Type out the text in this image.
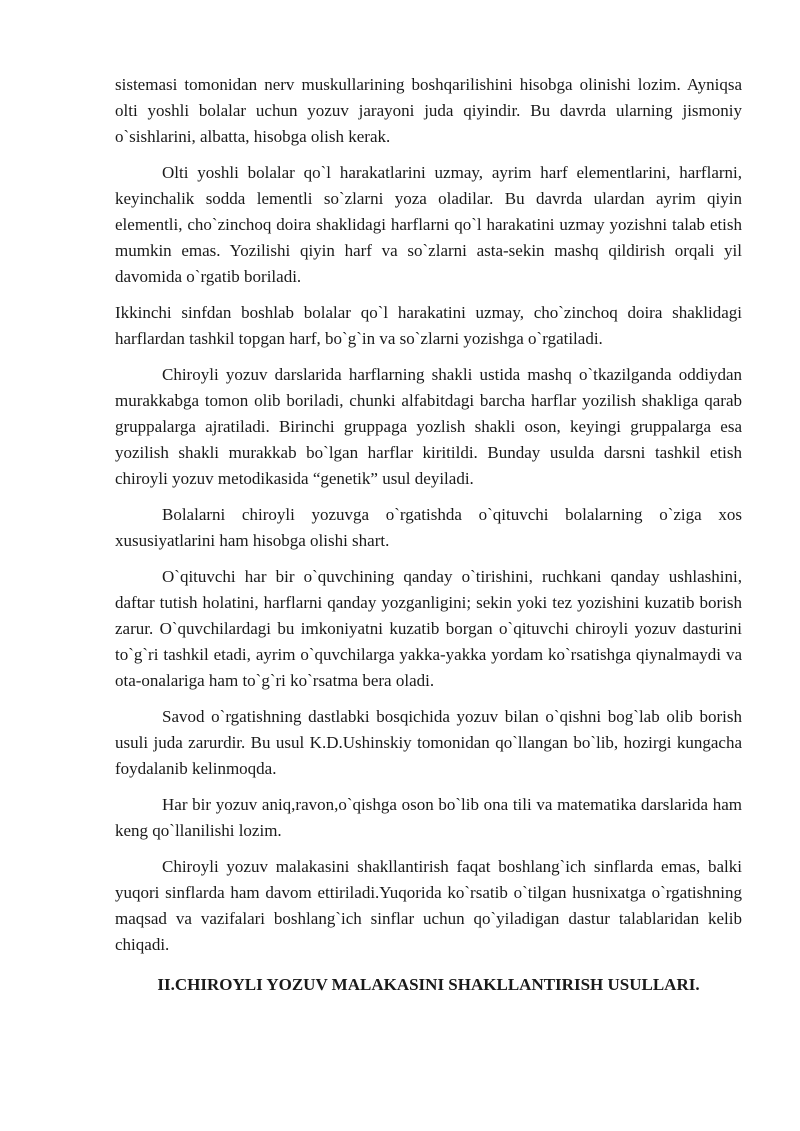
sistemasi tomonidan nerv muskullarining boshqarilishini hisobga olinishi lozim. Ayniqsa olti yoshli bolalar uchun yozuv jarayoni juda qiyindir. Bu davrda ularning jismoniy o`sishlarini, albatta, hisobga olish kerak.

Olti yoshli bolalar qo`l harakatlarini uzmay, ayrim harf elementlarini, harflarni, keyinchalik sodda lementli so`zlarni yoza oladilar. Bu davrda ulardan ayrim qiyin elementli, cho`zinchoq doira shaklidagi harflarni qo`l harakatini uzmay yozishni talab etish mumkin emas. Yozilishi qiyin harf va so`zlarni asta-sekin mashq qildirish orqali yil davomida o`rgatib boriladi.

Ikkinchi sinfdan boshlab bolalar qo`l harakatini uzmay, cho`zinchoq doira shaklidagi harflardan tashkil topgan harf, bo`g`in va so`zlarni yozishga o`rgatiladi.

Chiroyli yozuv darslarida harflarning shakli ustida mashq o`tkazilganda oddiydan murakkabga tomon olib boriladi, chunki alfabitdagi barcha harflar yozilish shakliga qarab gruppalarga ajratiladi. Birinchi gruppaga yozlish shakli oson, keyingi gruppalarga esa yozilish shakli murakkab bo`lgan harflar kiritildi. Bunday usulda darsni tashkil etish chiroyli yozuv metodikasida “genetik” usul deyiladi.

Bolalarni chiroyli yozuvga o`rgatishda o`qituvchi bolalarning o`ziga xos xususiyatlarini ham hisobga olishi shart.

O`qituvchi har bir o`quvchining qanday o`tirishini, ruchkani qanday ushlashini, daftar tutish holatini, harflarni qanday yozganligini; sekin yoki tez yozishini kuzatib borish zarur. O`quvchilardagi bu imkoniyatni kuzatib borgan o`qituvchi chiroyli yozuv dasturini to`g`ri tashkil etadi, ayrim o`quvchilarga yakka-yakka yordam ko`rsatishga qiynalmaydi va ota-onalariga ham to`g`ri ko`rsatma bera oladi.

Savod o`rgatishning dastlabki bosqichida yozuv bilan o`qishni bog`lab olib borish usuli juda zarurdir. Bu usul K.D.Ushinskiy tomonidan qo`llangan bo`lib, hozirgi kungacha foydalanib kelinmoqda.

Har bir yozuv aniq,ravon,o`qishga oson bo`lib ona tili va matematika darslarida ham keng qo`llanilishi lozim.

Chiroyli yozuv malakasini shakllantirish faqat boshlang`ich sinflarda emas, balki yuqori sinflarda ham davom ettiriladi.Yuqorida ko`rsatib o`tilgan husnixatga o`rgatishning maqsad va vazifalari boshlang`ich sinflar uchun qo`yiladigan dastur talablaridan kelib chiqadi.

II.CHIROYLI YOZUV MALAKASINI SHAKLLANTIRISH USULLARI.
